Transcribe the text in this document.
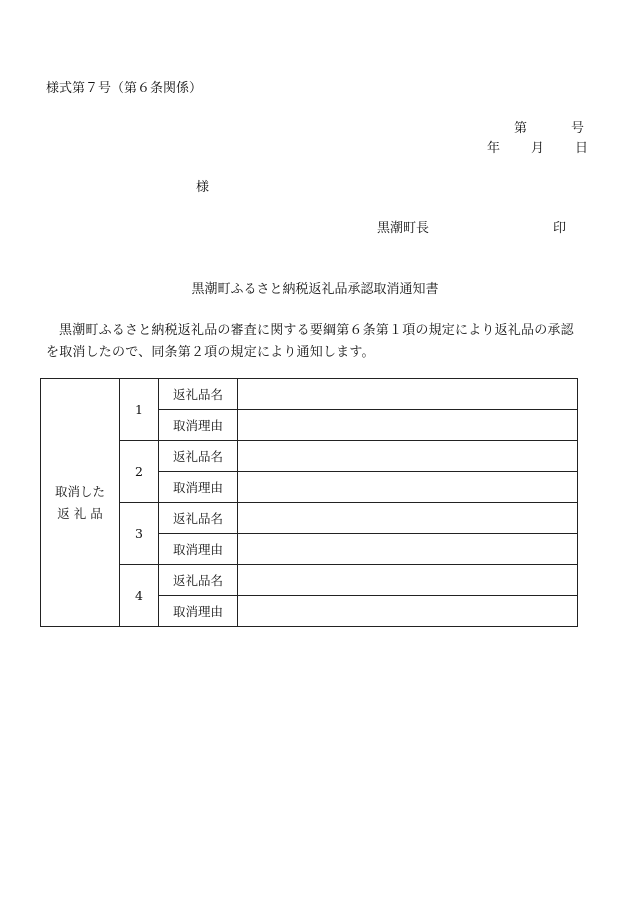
様式第７号（第６条関係）
第	号
年 月 日
様
黒潮町長	印
黒潮町ふるさと納税返礼品承認取消通知書
黒潮町ふるさと納税返礼品の審査に関する要綱第６条第１項の規定により返礼品の承認を取消したので、同条第２項の規定により通知します。
取消した
返 礼 品	1	返礼品名	
		取消理由	
	2	返礼品名	
		取消理由	
	3	返礼品名	
		取消理由	
	4	返礼品名	
		取消理由	
